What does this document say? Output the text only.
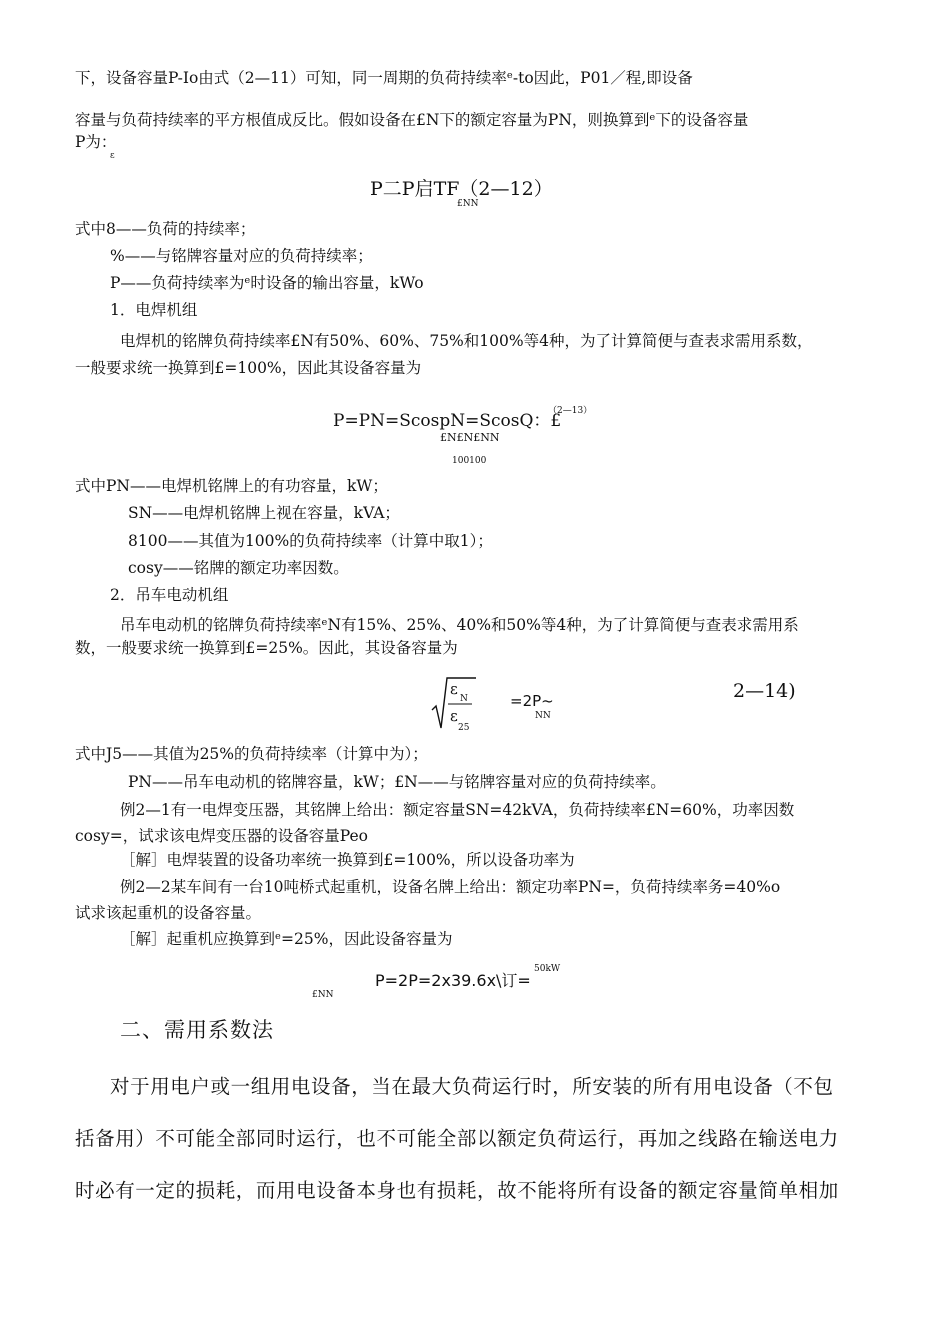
下，设备容量P-Io由式（2—11）可知，同一周期的负荷持续率ᵉ-to因此，P01／程,即设备
容量与负荷持续率的平方根值成反比。假如设备在£N下的额定容量为PN，则换算到ᵉ下的设备容量
P为：
ε
P二P启TF（2—12）
£NN
式中8——负荷的持续率；
%——与铭牌容量对应的负荷持续率；
P——负荷持续率为ᵉ时设备的输出容量，kWo
1．电焊机组
电焊机的铭牌负荷持续率£N有50%、60%、75%和100%等4种，为了计算简便与查表求需用系数，
一般要求统一换算到£=100%，因此其设备容量为
P=PN=ScospN=ScosQ：£
（2—13）
£N£N£NN
100100
式中PN——电焊机铭牌上的有功容量，kW；
SN——电焊机铭牌上视在容量，kVA；
8100——其值为100%的负荷持续率（计算中取1）；
cosy——铭牌的额定功率因数。
2．吊车电动机组
吊车电动机的铭牌负荷持续率ᵉN有15%、25%、40%和50%等4种，为了计算简便与查表求需用系
数，一般要求统一换算到£=25%。因此，其设备容量为
ε
N
ε
25
=2P~
NN
2—14)
式中J5——其值为25%的负荷持续率（计算中为）；
PN——吊车电动机的铭牌容量，kW；£N——与铭牌容量对应的负荷持续率。
例2—1有一电焊变压器，其铭牌上给出：额定容量SN=42kVA，负荷持续率£N=60%，功率因数
cosy=，试求该电焊变压器的设备容量Peo
［解］电焊装置的设备功率统一换算到£=100%，所以设备功率为
例2—2某车间有一台10吨桥式起重机，设备名牌上给出：额定功率PN=，负荷持续率务=40%o
试求该起重机的设备容量。
［解］起重机应换算到ᵉ=25%，因此设备容量为
P=2P=2x39.6x\订=
50kW
£NN
二、需用系数法
对于用电户或一组用电设备，当在最大负荷运行时，所安装的所有用电设备（不包
括备用）不可能全部同时运行，也不可能全部以额定负荷运行，再加之线路在输送电力
时必有一定的损耗，而用电设备本身也有损耗，故不能将所有设备的额定容量简单相加
